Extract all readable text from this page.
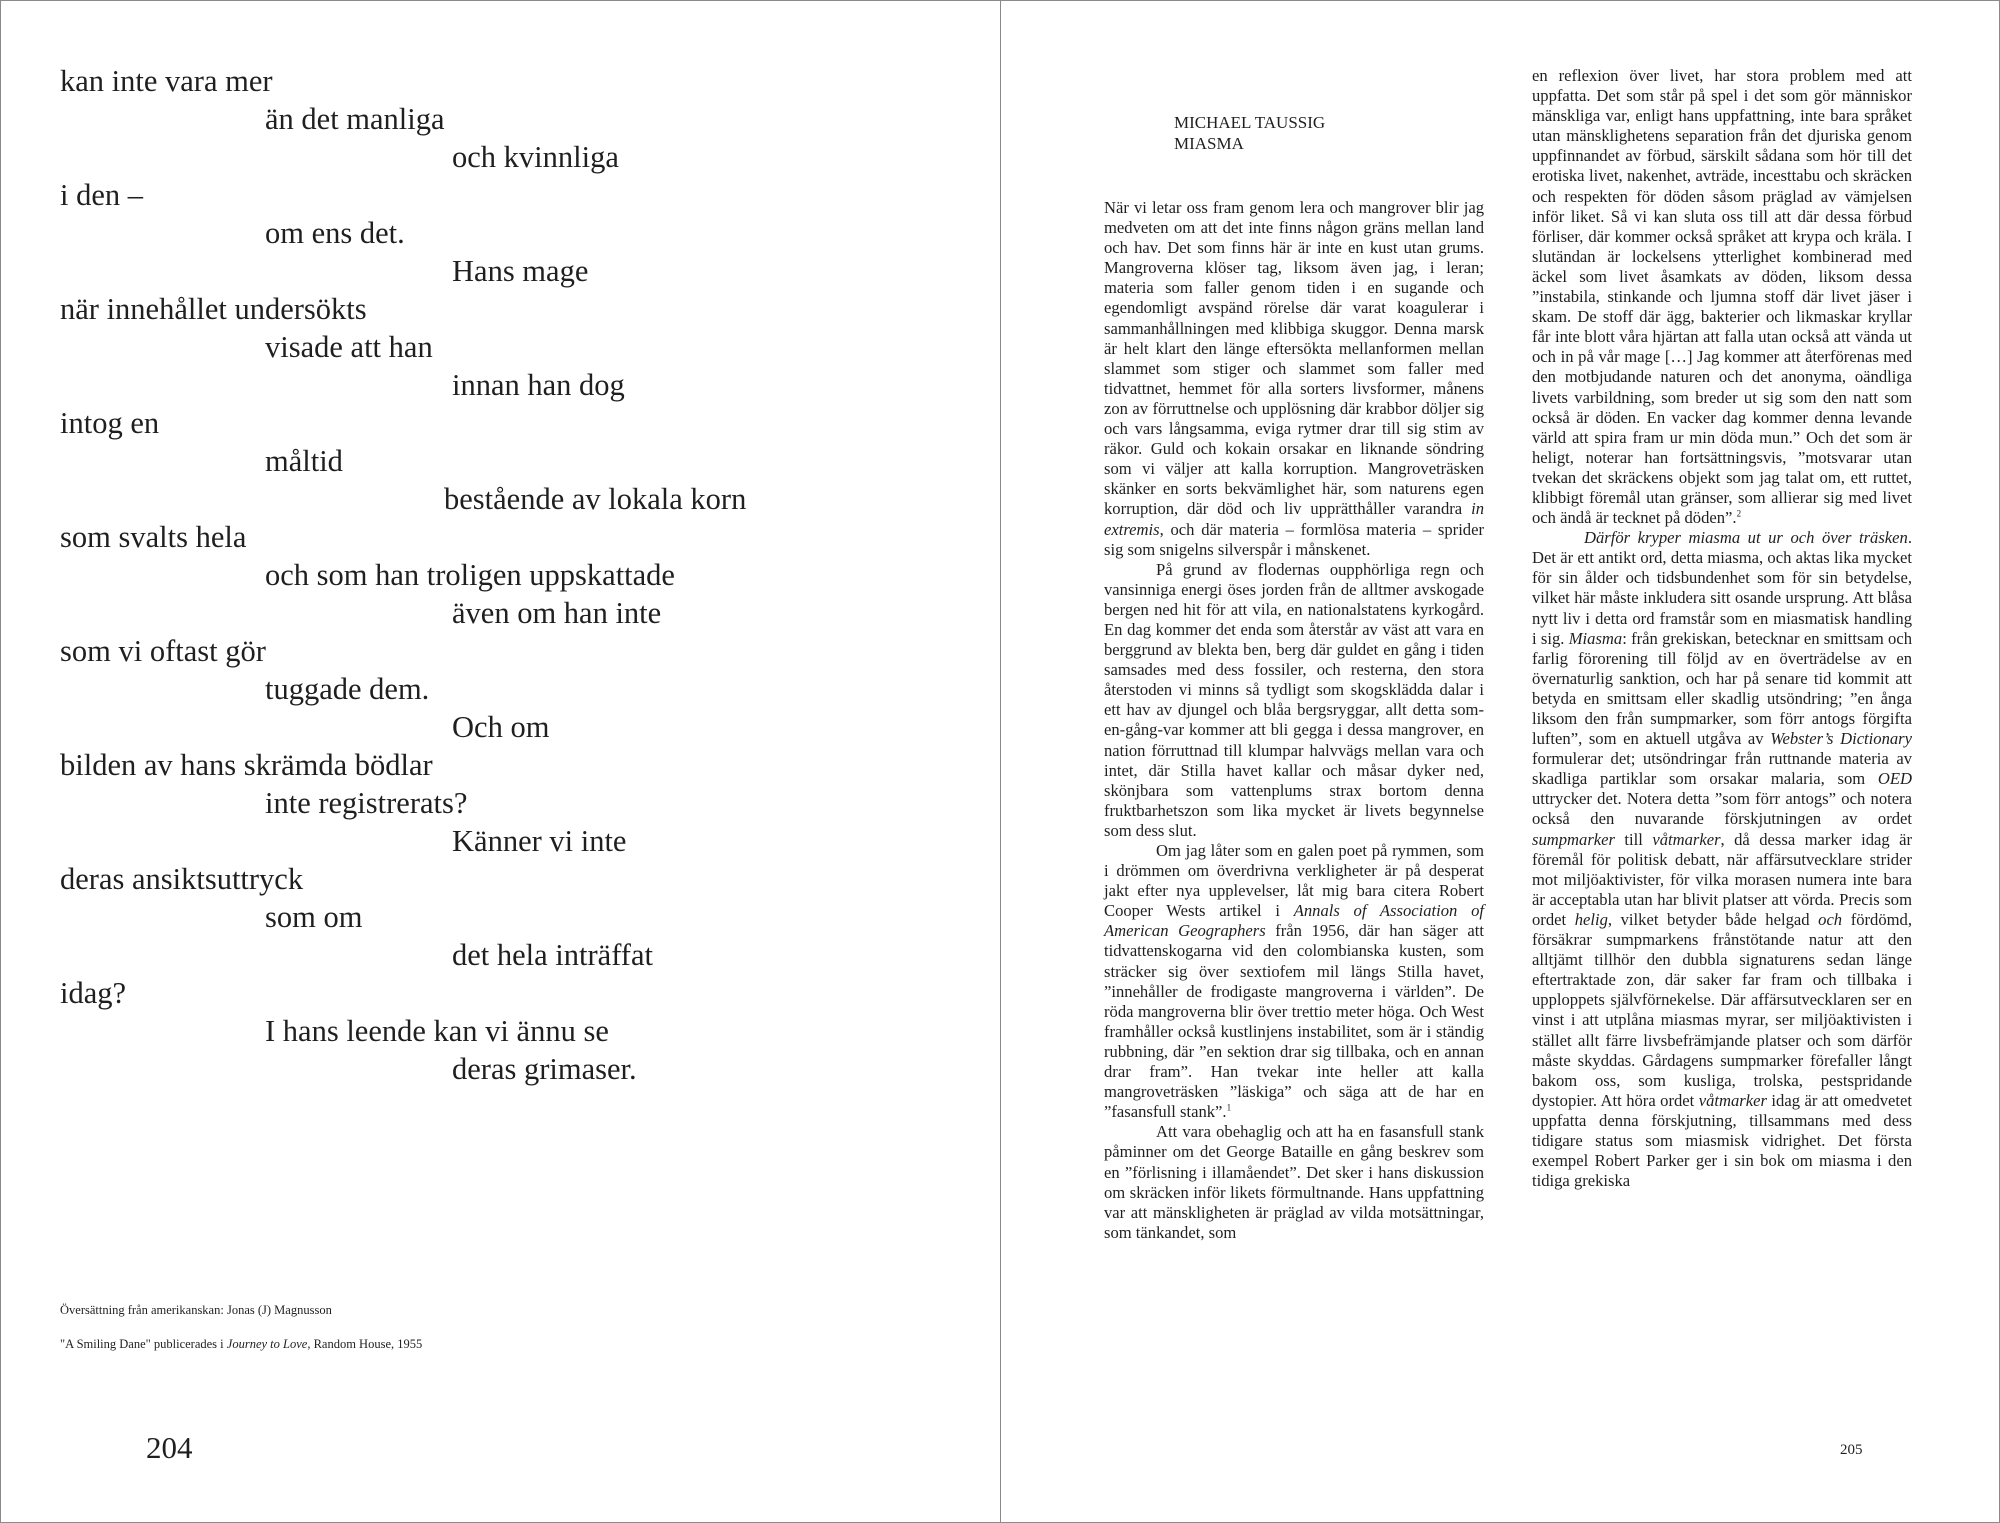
kan inte vara mer
än det manliga
och kvinnliga
i den –
om ens det.
Hans mage
när innehållet undersökts
visade att han
innan han dog
intog en
måltid
bestående av lokala korn
som svalts hela
och som han troligen uppskattade
även om han inte
som vi oftast gör
tuggade dem.
Och om
bilden av hans skrämda bödlar
inte registrerats?
Känner vi inte
deras ansiktsuttryck
som om
det hela inträffat
idag?
I hans leende kan vi ännu se
deras grimaser.
Översättning från amerikanskan: Jonas (J) Magnusson
"A Smiling Dane" publicerades i Journey to Love, Random House, 1955
204
MICHAEL TAUSSIG
MIASMA

När vi letar oss fram genom lera och mangrover blir jag medveten om att det inte finns någon gräns mellan land och hav. Det som finns här är inte en kust utan grums. Mangroverna klöser tag, liksom även jag, i leran; materia som faller genom tiden i en sugande och egendomligt avspänd rörelse där varat koagulerar i sammanhållningen med klibbiga skuggor. Denna marsk är helt klart den länge eftersökta mellanformen mellan slammet som stiger och slammet som faller med tidvattnet, hemmet för alla sorters livsformer, månens zon av förruttnelse och upplösning där krabbor döljer sig och vars långsamma, eviga rytmer drar till sig stim av räkor. Guld och kokain orsakar en liknande söndring som vi väljer att kalla korruption. Mangroveträsken skänker en sorts bekvämlighet här, som naturens egen korruption, där död och liv upprätthåller varandra in extremis, och där materia – formlösa materia – sprider sig som snigelns silverspår i månskenet.

På grund av flodernas oupphörliga regn och vansinniga energi öses jorden från de alltmer avskogade bergen ned hit för att vila, en nationalstatens kyrkogård. En dag kommer det enda som återstår av väst att vara en berggrund av blekta ben, berg där guldet en gång i tiden samsades med dess fossiler, och resterna, den stora återstoden vi minns så tydligt som skogsklädda dalar i ett hav av djungel och blåa bergsryggar, allt detta som-en-gång-var kommer att bli gegga i dessa mangrover, en nation förruttnad till klumpar halvvägs mellan vara och intet, där Stilla havet kallar och måsar dyker ned, skönjbara som vattenplums strax bortom denna fruktbarhetszon som lika mycket är livets begynnelse som dess slut.

Om jag låter som en galen poet på rymmen, som i drömmen om överdrivna verkligheter är på desperat jakt efter nya upplevelser, låt mig bara citera Robert Cooper Wests artikel i Annals of Association of American Geographers från 1956, där han säger att tidvattenskogarna vid den colombianska kusten, som sträcker sig över sextiofem mil längs Stilla havet, ”innehåller de frodigaste mangroverna i världen”. De röda mangroverna blir över trettio meter höga. Och West framhåller också kustlinjens instabilitet, som är i ständig rubbning, där ”en sektion drar sig tillbaka, och en annan drar fram”. Han tvekar inte heller att kalla mangroveträsken ”läskiga” och säga att de har en ”fasansfull stank”.$^1$

Att vara obehaglig och att ha en fasansfull stank påminner om det George Bataille en gång beskrev som en ”förlisning i illamåendet”. Det sker i hans diskussion om skräcken inför likets förmultnande. Hans uppfattning var att mänskligheten är präglad av vilda motsättningar, som tänkandet, som

en reflexion över livet, har stora problem med att uppfatta. Det som står på spel i det som gör människor mänskliga var, enligt hans uppfattning, inte bara språket utan mänsklighetens separation från det djuriska genom uppfinnandet av förbud, särskilt sådana som hör till det erotiska livet, nakenhet, avträde, incesttabu och skräcken och respekten för döden såsom präglad av vämjelsen inför liket. Så vi kan sluta oss till att där dessa förbud förliser, där kommer också språket att krypa och kräla. I slutändan är lockelsens ytterlighet kombinerad med äckel som livet åsamkats av döden, liksom dessa ”instabila, stinkande och ljumna stoff där livet jäser i skam. De stoff där ägg, bakterier och likmaskar kryllar får inte blott våra hjärtan att falla utan också att vända ut och in på vår mage […] Jag kommer att återförenas med den motbjudande naturen och det anonyma, oändliga livets varbildning, som breder ut sig som den natt som också är döden. En vacker dag kommer denna levande värld att spira fram ur min döda mun.” Och det som är heligt, noterar han fortsättningsvis, ”motsvarar utan tvekan det skräckens objekt som jag talat om, ett ruttet, klibbigt föremål utan gränser, som allierar sig med livet och ändå är tecknet på döden”.$^2$

Därför kryper miasma ut ur och över träsken. Det är ett antikt ord, detta miasma, och aktas lika mycket för sin ålder och tidsbundenhet som för sin betydelse, vilket här måste inkludera sitt osande ursprung. Att blåsa nytt liv i detta ord framstår som en miasmatisk handling i sig. Miasma: från grekiskan, betecknar en smittsam och farlig förorening till följd av en överträdelse av en övernaturlig sanktion, och har på senare tid kommit att betyda en smittsam eller skadlig utsöndring; ”en ånga liksom den från sumpmarker, som förr antogs förgifta luften”, som en aktuell utgåva av Webster’s Dictionary formulerar det; utsöndringar från ruttnande materia av skadliga partiklar som orsakar malaria, som OED uttrycker det. Notera detta ”som förr antogs” och notera också den nuvarande förskjutningen av ordet sumpmarker till våtmarker, då dessa marker idag är föremål för politisk debatt, när affärsutvecklare strider mot miljöaktivister, för vilka morasen numera inte bara är acceptabla utan har blivit platser att vörda. Precis som ordet helig, vilket betyder både helgad och fördömd, försäkrar sumpmarkens frånstötande natur att den alltjämt tillhör den dubbla signaturens sedan länge eftertraktade zon, där saker far fram och tillbaka i upploppets självförnekelse. Där affärsutvecklaren ser en vinst i att utplåna miasmas myrar, ser miljöaktivisten i stället allt färre livsbefrämjande platser och som därför måste skyddas. Gårdagens sumpmarker förefaller långt bakom oss, som kusliga, trolska, pestspridande dystopier. Att höra ordet våtmarker idag är att omedvetet uppfatta denna förskjutning, tillsammans med dess tidigare status som miasmisk vidrighet. Det första exempel Robert Parker ger i sin bok om miasma i den tidiga grekiska

205
